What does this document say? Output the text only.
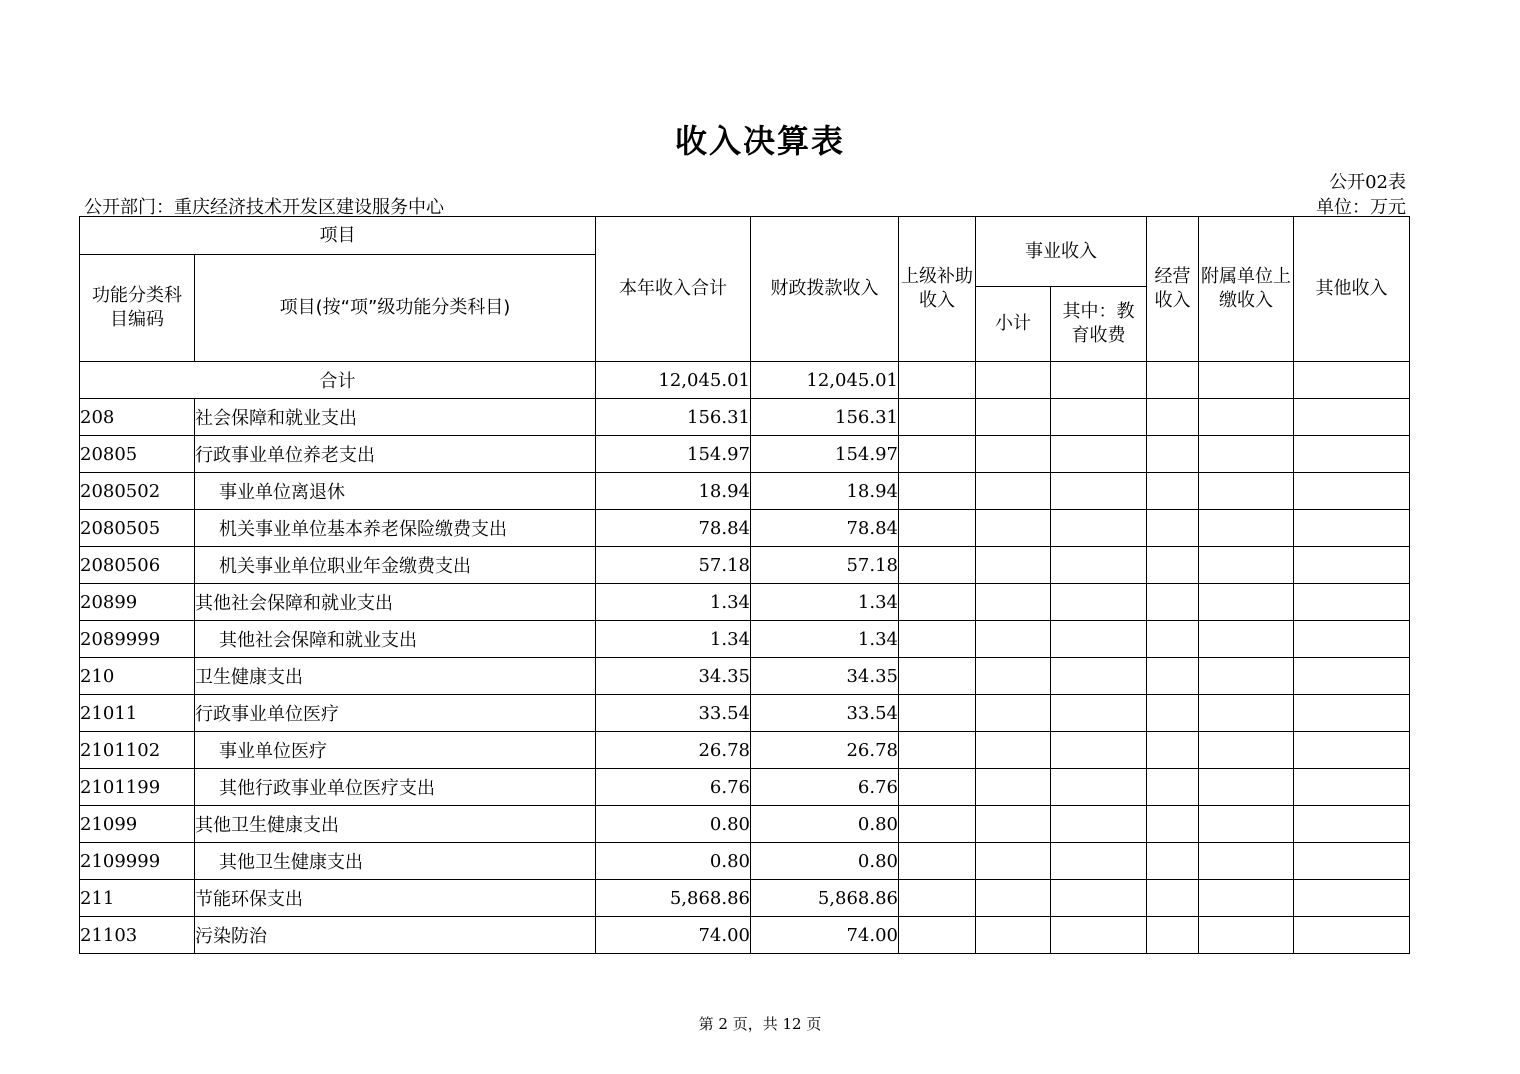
收入决算表
公开02表
公开部门：重庆经济技术开发区建设服务中心	单位：万元
项目		本年收入合计	财政拨款收入	上级补助收入	事业收入		经营收入	附属单位上缴收入	其他收入
功能分类科目编码	项目(按“项”级功能分类科目)								
					小计	其中：教育收费			
合计		12,045.01	12,045.01						
208	社会保障和就业支出	156.31	156.31						
20805	行政事业单位养老支出	154.97	154.97						
2080502	事业单位离退休	18.94	18.94						
2080505	机关事业单位基本养老保险缴费支出	78.84	78.84						
2080506	机关事业单位职业年金缴费支出	57.18	57.18						
20899	其他社会保障和就业支出	1.34	1.34						
2089999	其他社会保障和就业支出	1.34	1.34						
210	卫生健康支出	34.35	34.35						
21011	行政事业单位医疗	33.54	33.54						
2101102	事业单位医疗	26.78	26.78						
2101199	其他行政事业单位医疗支出	6.76	6.76						
21099	其他卫生健康支出	0.80	0.80						
2109999	其他卫生健康支出	0.80	0.80						
211	节能环保支出	5,868.86	5,868.86						
21103	污染防治	74.00	74.00						
第 2 页，共 12 页
